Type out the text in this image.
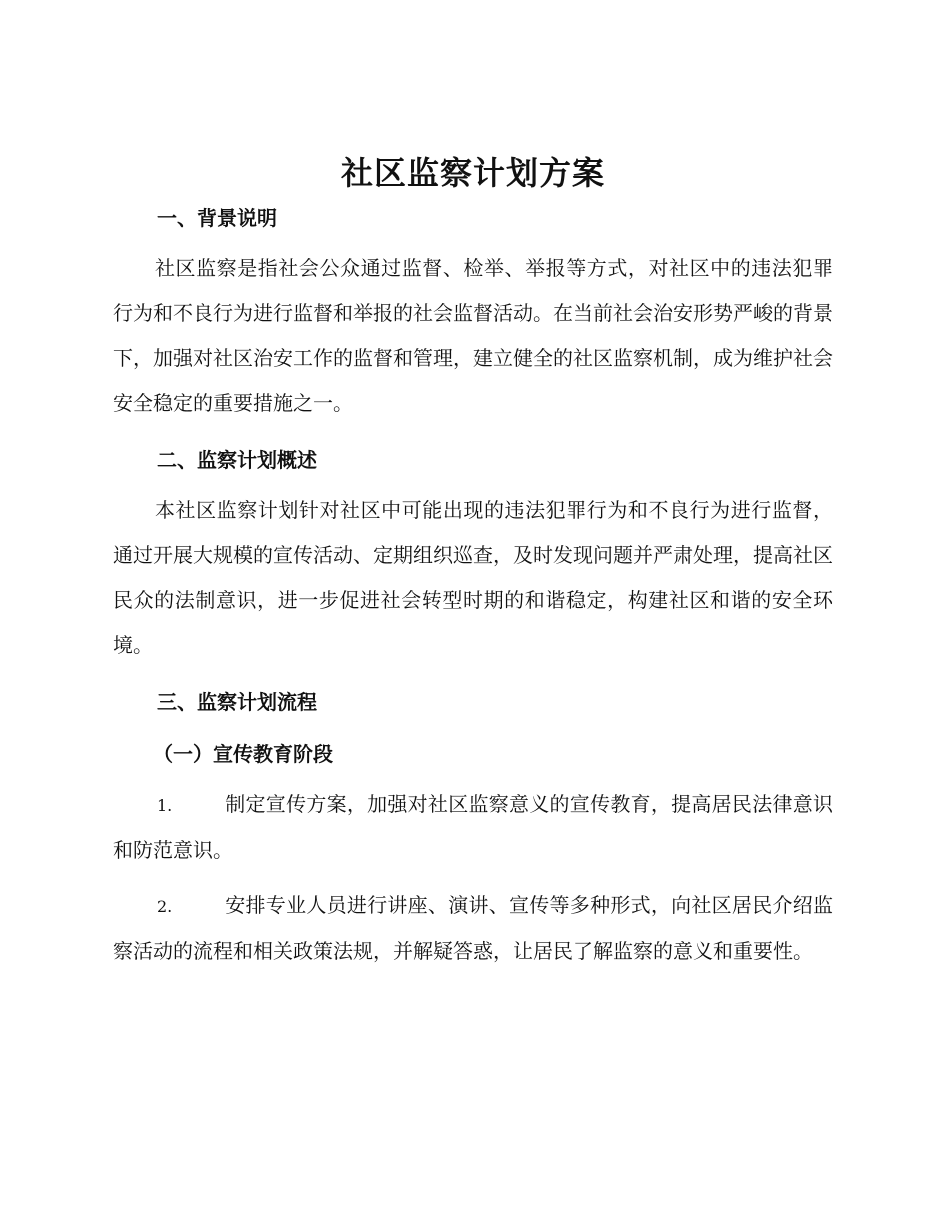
社区监察计划方案
一、背景说明

社区监察是指社会公众通过监督、检举、举报等方式，对社区中的违法犯罪行为和不良行为进行监督和举报的社会监督活动。在当前社会治安形势严峻的背景下，加强对社区治安工作的监督和管理，建立健全的社区监察机制，成为维护社会安全稳定的重要措施之一。

二、监察计划概述

本社区监察计划针对社区中可能出现的违法犯罪行为和不良行为进行监督，通过开展大规模的宣传活动、定期组织巡查，及时发现问题并严肃处理，提高社区民众的法制意识，进一步促进社会转型时期的和谐稳定，构建社区和谐的安全环境。

三、监察计划流程
（一）宣传教育阶段

1.	制定宣传方案，加强对社区监察意义的宣传教育，提高居民法律意识和防范意识。

2.	安排专业人员进行讲座、演讲、宣传等多种形式，向社区居民介绍监察活动的流程和相关政策法规，并解疑答惑，让居民了解监察的意义和重要性。
